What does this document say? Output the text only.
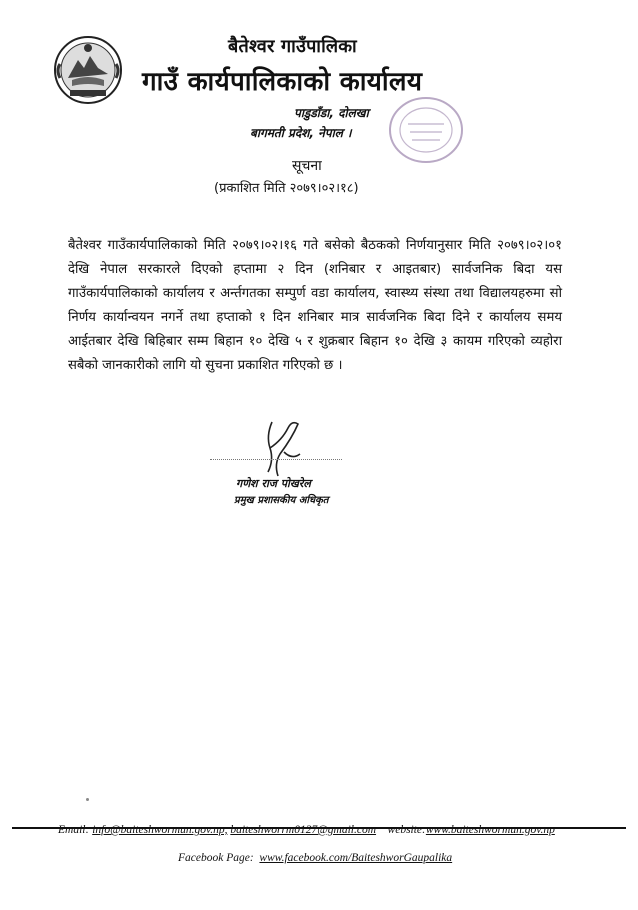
बैतेश्वर गाउँपालिका
गाउँ कार्यपालिकाको कार्यालय
पाडुडाँडा, दोलखा
बागमती प्रदेश, नेपाल ।
सूचना
(प्रकाशित मिति २०७९।०२।१८)

बैतेश्वर गाउँकार्यपालिकाको मिति २०७९।०२।१६ गते बसेको बैठकको निर्णयानुसार मिति २०७९।०२।०१ देखि नेपाल सरकारले दिएको हप्तामा २ दिन (शनिबार र आइतबार) सार्वजनिक बिदा यस गाउँकार्यपालिकाको कार्यालय र अर्न्तगतका सम्पुर्ण वडा कार्यालय, स्वास्थ्य संस्था तथा विद्यालयहरुमा सो निर्णय कार्यान्वयन नगर्ने तथा हप्ताको १ दिन शनिबार मात्र सार्वजनिक बिदा दिने र कार्यालय समय आईतबार देखि बिहिबार सम्म बिहान १० देखि ५ र शुक्रबार बिहान १० देखि ३ कायम गरिएको व्यहोरा सबैको जानकारीको लागि यो सुचना प्रकाशित गरिएको छ ।

गणेश राज पोखरेल
प्रमुख प्रशासकीय अधिकृत
Email: info@baiteshwormun.gov.np, baiteshworrm0127@gmail.com website:www.baiteshwormun.gov.np
Facebook Page: www.facebook.com/BaiteshworGaupalika
